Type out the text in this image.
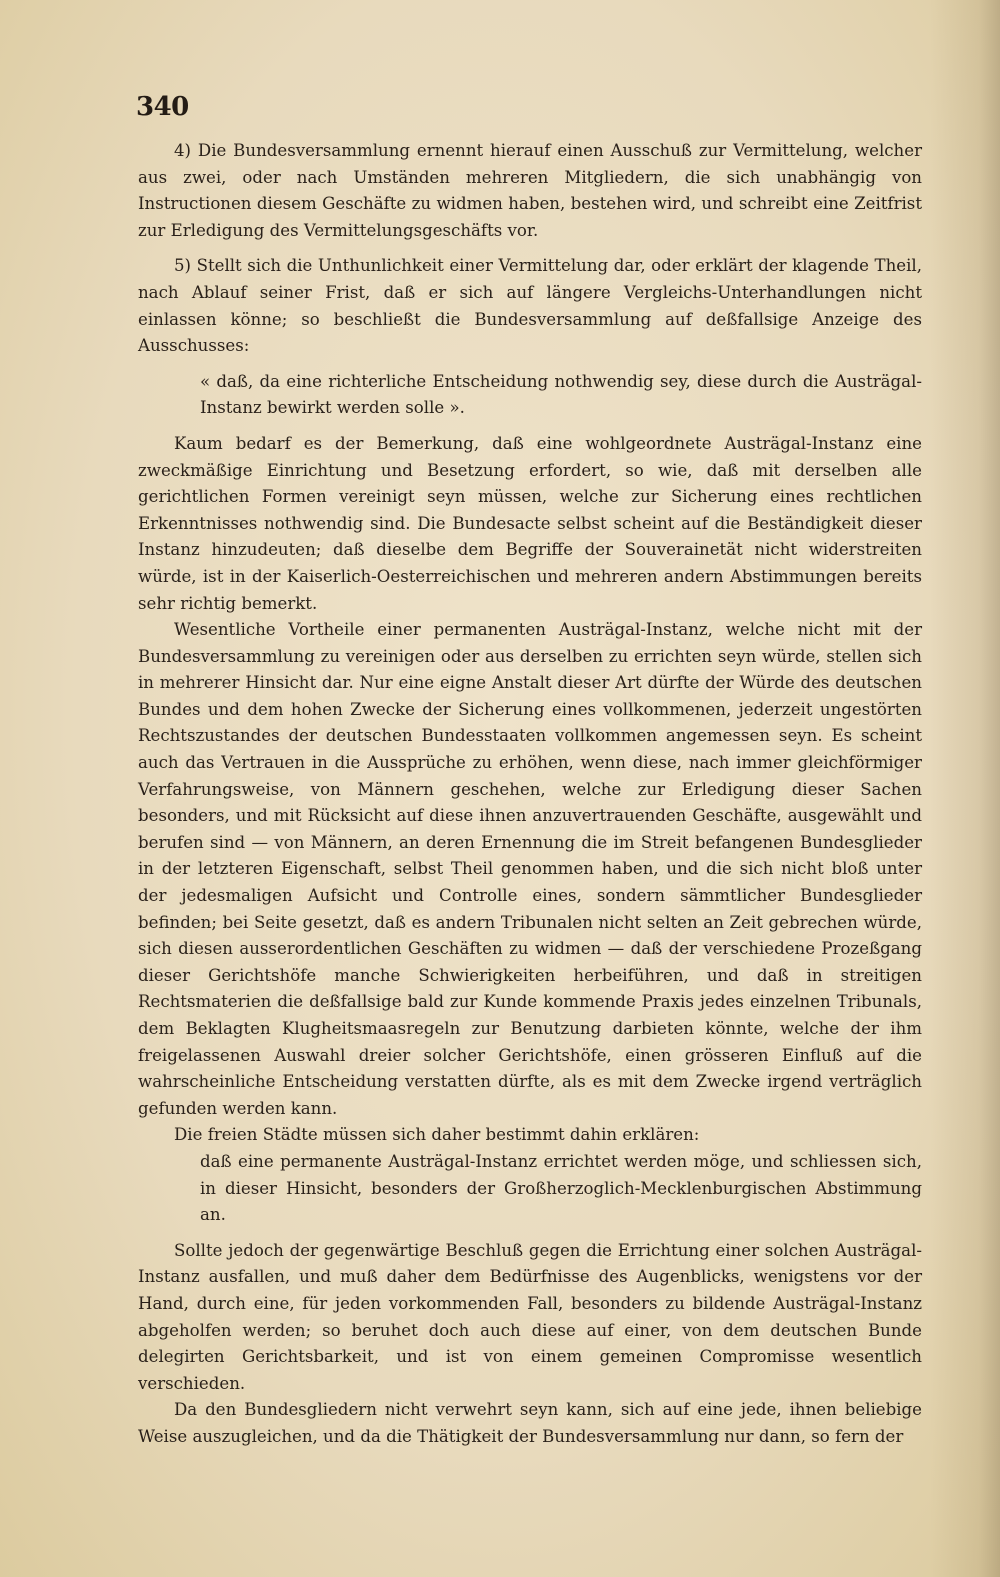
340

4) Die Bundesversammlung ernennt hierauf einen Ausschuß zur Vermittelung, welcher aus zwei, oder nach Umständen mehreren Mitgliedern, die sich unabhängig von Instructionen diesem Geschäfte zu widmen haben, bestehen wird, und schreibt eine Zeitfrist zur Erledigung des Vermittelungsgeschäfts vor.

5) Stellt sich die Unthunlichkeit einer Vermittelung dar, oder erklärt der klagende Theil, nach Ablauf seiner Frist, daß er sich auf längere Vergleichs-Unterhandlungen nicht einlassen könne; so beschließt die Bundesversammlung auf deßfallsige Anzeige des Ausschusses:

« daß, da eine richterliche Entscheidung nothwendig sey, diese durch die Austrägal-Instanz bewirkt werden solle ».

Kaum bedarf es der Bemerkung, daß eine wohlgeordnete Austrägal-Instanz eine zweckmäßige Einrichtung und Besetzung erfordert, so wie, daß mit derselben alle gerichtlichen Formen vereinigt seyn müssen, welche zur Sicherung eines rechtlichen Erkenntnisses nothwendig sind. Die Bundesacte selbst scheint auf die Beständigkeit dieser Instanz hinzudeuten; daß dieselbe dem Begriffe der Souverainetät nicht widerstreiten würde, ist in der Kaiserlich-Oesterreichischen und mehreren andern Abstimmungen bereits sehr richtig bemerkt.

Wesentliche Vortheile einer permanenten Austrägal-Instanz, welche nicht mit der Bundesversammlung zu vereinigen oder aus derselben zu errichten seyn würde, stellen sich in mehrerer Hinsicht dar. Nur eine eigne Anstalt dieser Art dürfte der Würde des deutschen Bundes und dem hohen Zwecke der Sicherung eines vollkommenen, jederzeit ungestörten Rechtszustandes der deutschen Bundesstaaten vollkommen angemessen seyn. Es scheint auch das Vertrauen in die Aussprüche zu erhöhen, wenn diese, nach immer gleichförmiger Verfahrungsweise, von Männern geschehen, welche zur Erledigung dieser Sachen besonders, und mit Rücksicht auf diese ihnen anzuvertrauenden Geschäfte, ausgewählt und berufen sind — von Männern, an deren Ernennung die im Streit befangenen Bundesglieder in der letzteren Eigenschaft, selbst Theil genommen haben, und die sich nicht bloß unter der jedesmaligen Aufsicht und Controlle eines, sondern sämmtlicher Bundesglieder befinden; bei Seite gesetzt, daß es andern Tribunalen nicht selten an Zeit gebrechen würde, sich diesen ausserordentlichen Geschäften zu widmen — daß der verschiedene Prozeßgang dieser Gerichtshöfe manche Schwierigkeiten herbeiführen, und daß in streitigen Rechtsmaterien die deßfallsige bald zur Kunde kommende Praxis jedes einzelnen Tribunals, dem Beklagten Klugheitsmaasregeln zur Benutzung darbieten könnte, welche der ihm freigelassenen Auswahl dreier solcher Gerichtshöfe, einen grösseren Einfluß auf die wahrscheinliche Entscheidung verstatten dürfte, als es mit dem Zwecke irgend verträglich gefunden werden kann.

Die freien Städte müssen sich daher bestimmt dahin erklären:

daß eine permanente Austrägal-Instanz errichtet werden möge, und schliessen sich, in dieser Hinsicht, besonders der Großherzoglich-Mecklenburgischen Abstimmung an.

Sollte jedoch der gegenwärtige Beschluß gegen die Errichtung einer solchen Austrägal-Instanz ausfallen, und muß daher dem Bedürfnisse des Augenblicks, wenigstens vor der Hand, durch eine, für jeden vorkommenden Fall, besonders zu bildende Austrägal-Instanz abgeholfen werden; so beruhet doch auch diese auf einer, von dem deutschen Bunde delegirten Gerichtsbarkeit, und ist von einem gemeinen Compromisse wesentlich verschieden.

Da den Bundesgliedern nicht verwehrt seyn kann, sich auf eine jede, ihnen beliebige Weise auszugleichen, und da die Thätigkeit der Bundesversammlung nur dann, so fern der
